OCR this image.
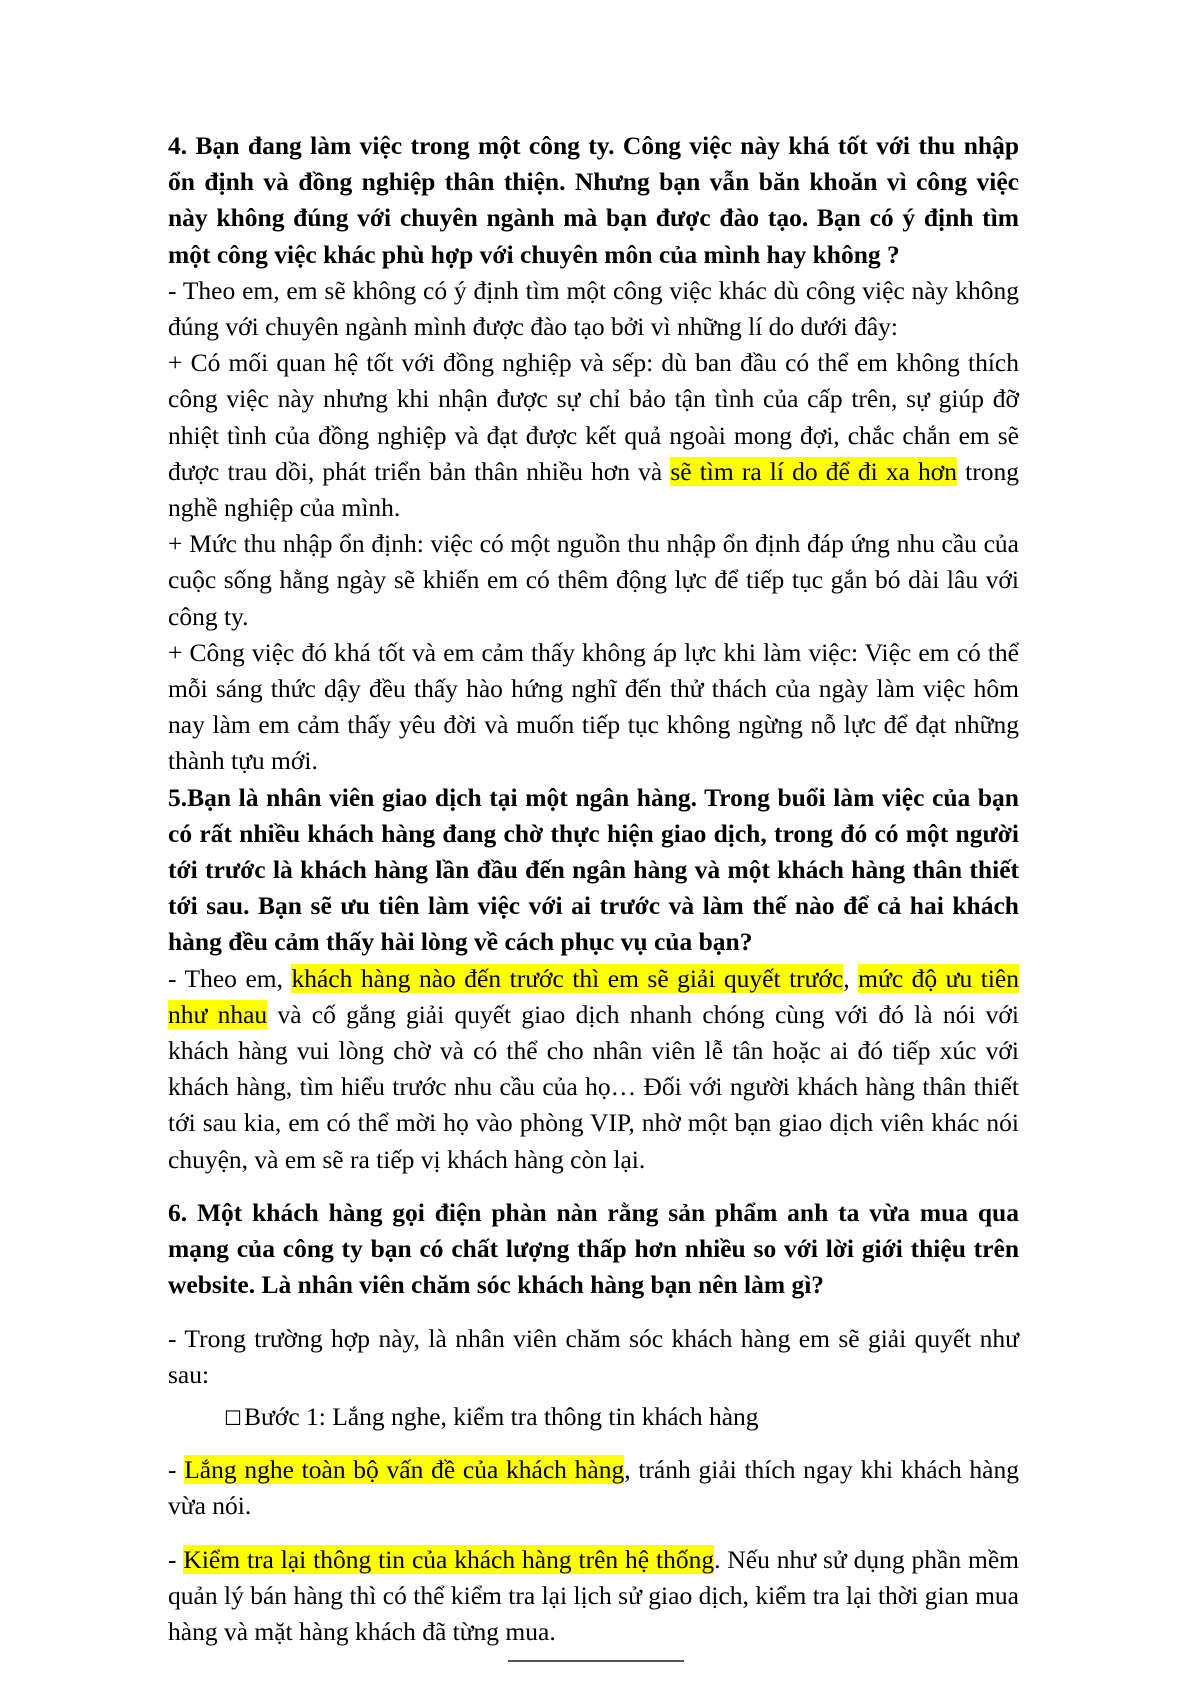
4. Bạn đang làm việc trong một công ty. Công việc này khá tốt với thu nhập ổn định và đồng nghiệp thân thiện. Nhưng bạn vẫn băn khoăn vì công việc này không đúng với chuyên ngành mà bạn được đào tạo. Bạn có ý định tìm một công việc khác phù hợp với chuyên môn của mình hay không ?

- Theo em, em sẽ không có ý định tìm một công việc khác dù công việc này không đúng với chuyên ngành mình được đào tạo bởi vì những lí do dưới đây:

+ Có mối quan hệ tốt với đồng nghiệp và sếp: dù ban đầu có thể em không thích công việc này nhưng khi nhận được sự chỉ bảo tận tình của cấp trên, sự giúp đỡ nhiệt tình của đồng nghiệp và đạt được kết quả ngoài mong đợi, chắc chắn em sẽ được trau dồi, phát triển bản thân nhiều hơn và sẽ tìm ra lí do để đi xa hơn trong nghề nghiệp của mình.

+ Mức thu nhập ổn định: việc có một nguồn thu nhập ổn định đáp ứng nhu cầu của cuộc sống hằng ngày sẽ khiến em có thêm động lực để tiếp tục gắn bó dài lâu với công ty.

+ Công việc đó khá tốt và em cảm thấy không áp lực khi làm việc: Việc em có thể mỗi sáng thức dậy đều thấy hào hứng nghĩ đến thử thách của ngày làm việc hôm nay làm em cảm thấy yêu đời và muốn tiếp tục không ngừng nỗ lực để đạt những thành tựu mới.

5.Bạn là nhân viên giao dịch tại một ngân hàng. Trong buổi làm việc của bạn có rất nhiều khách hàng đang chờ thực hiện giao dịch, trong đó có một người tới trước là khách hàng lần đầu đến ngân hàng và một khách hàng thân thiết tới sau. Bạn sẽ ưu tiên làm việc với ai trước và làm thế nào để cả hai khách hàng đều cảm thấy hài lòng về cách phục vụ của bạn?

- Theo em, khách hàng nào đến trước thì em sẽ giải quyết trước, mức độ ưu tiên như nhau và cố gắng giải quyết giao dịch nhanh chóng cùng với đó là nói với khách hàng vui lòng chờ và có thể cho nhân viên lễ tân hoặc ai đó tiếp xúc với khách hàng, tìm hiểu trước nhu cầu của họ… Đối với người khách hàng thân thiết tới sau kia, em có thể mời họ vào phòng VIP, nhờ một bạn giao dịch viên khác nói chuyện, và em sẽ ra tiếp vị khách hàng còn lại.

6. Một khách hàng gọi điện phàn nàn rằng sản phẩm anh ta vừa mua qua mạng của công ty bạn có chất lượng thấp hơn nhiều so với lời giới thiệu trên website. Là nhân viên chăm sóc khách hàng bạn nên làm gì?

- Trong trường hợp này, là nhân viên chăm sóc khách hàng em sẽ giải quyết như sau:

☐Bước 1: Lắng nghe, kiểm tra thông tin khách hàng

- Lắng nghe toàn bộ vấn đề của khách hàng, tránh giải thích ngay khi khách hàng vừa nói.

- Kiểm tra lại thông tin của khách hàng trên hệ thống. Nếu như sử dụng phần mềm quản lý bán hàng thì có thể kiểm tra lại lịch sử giao dịch, kiểm tra lại thời gian mua hàng và mặt hàng khách đã từng mua.
